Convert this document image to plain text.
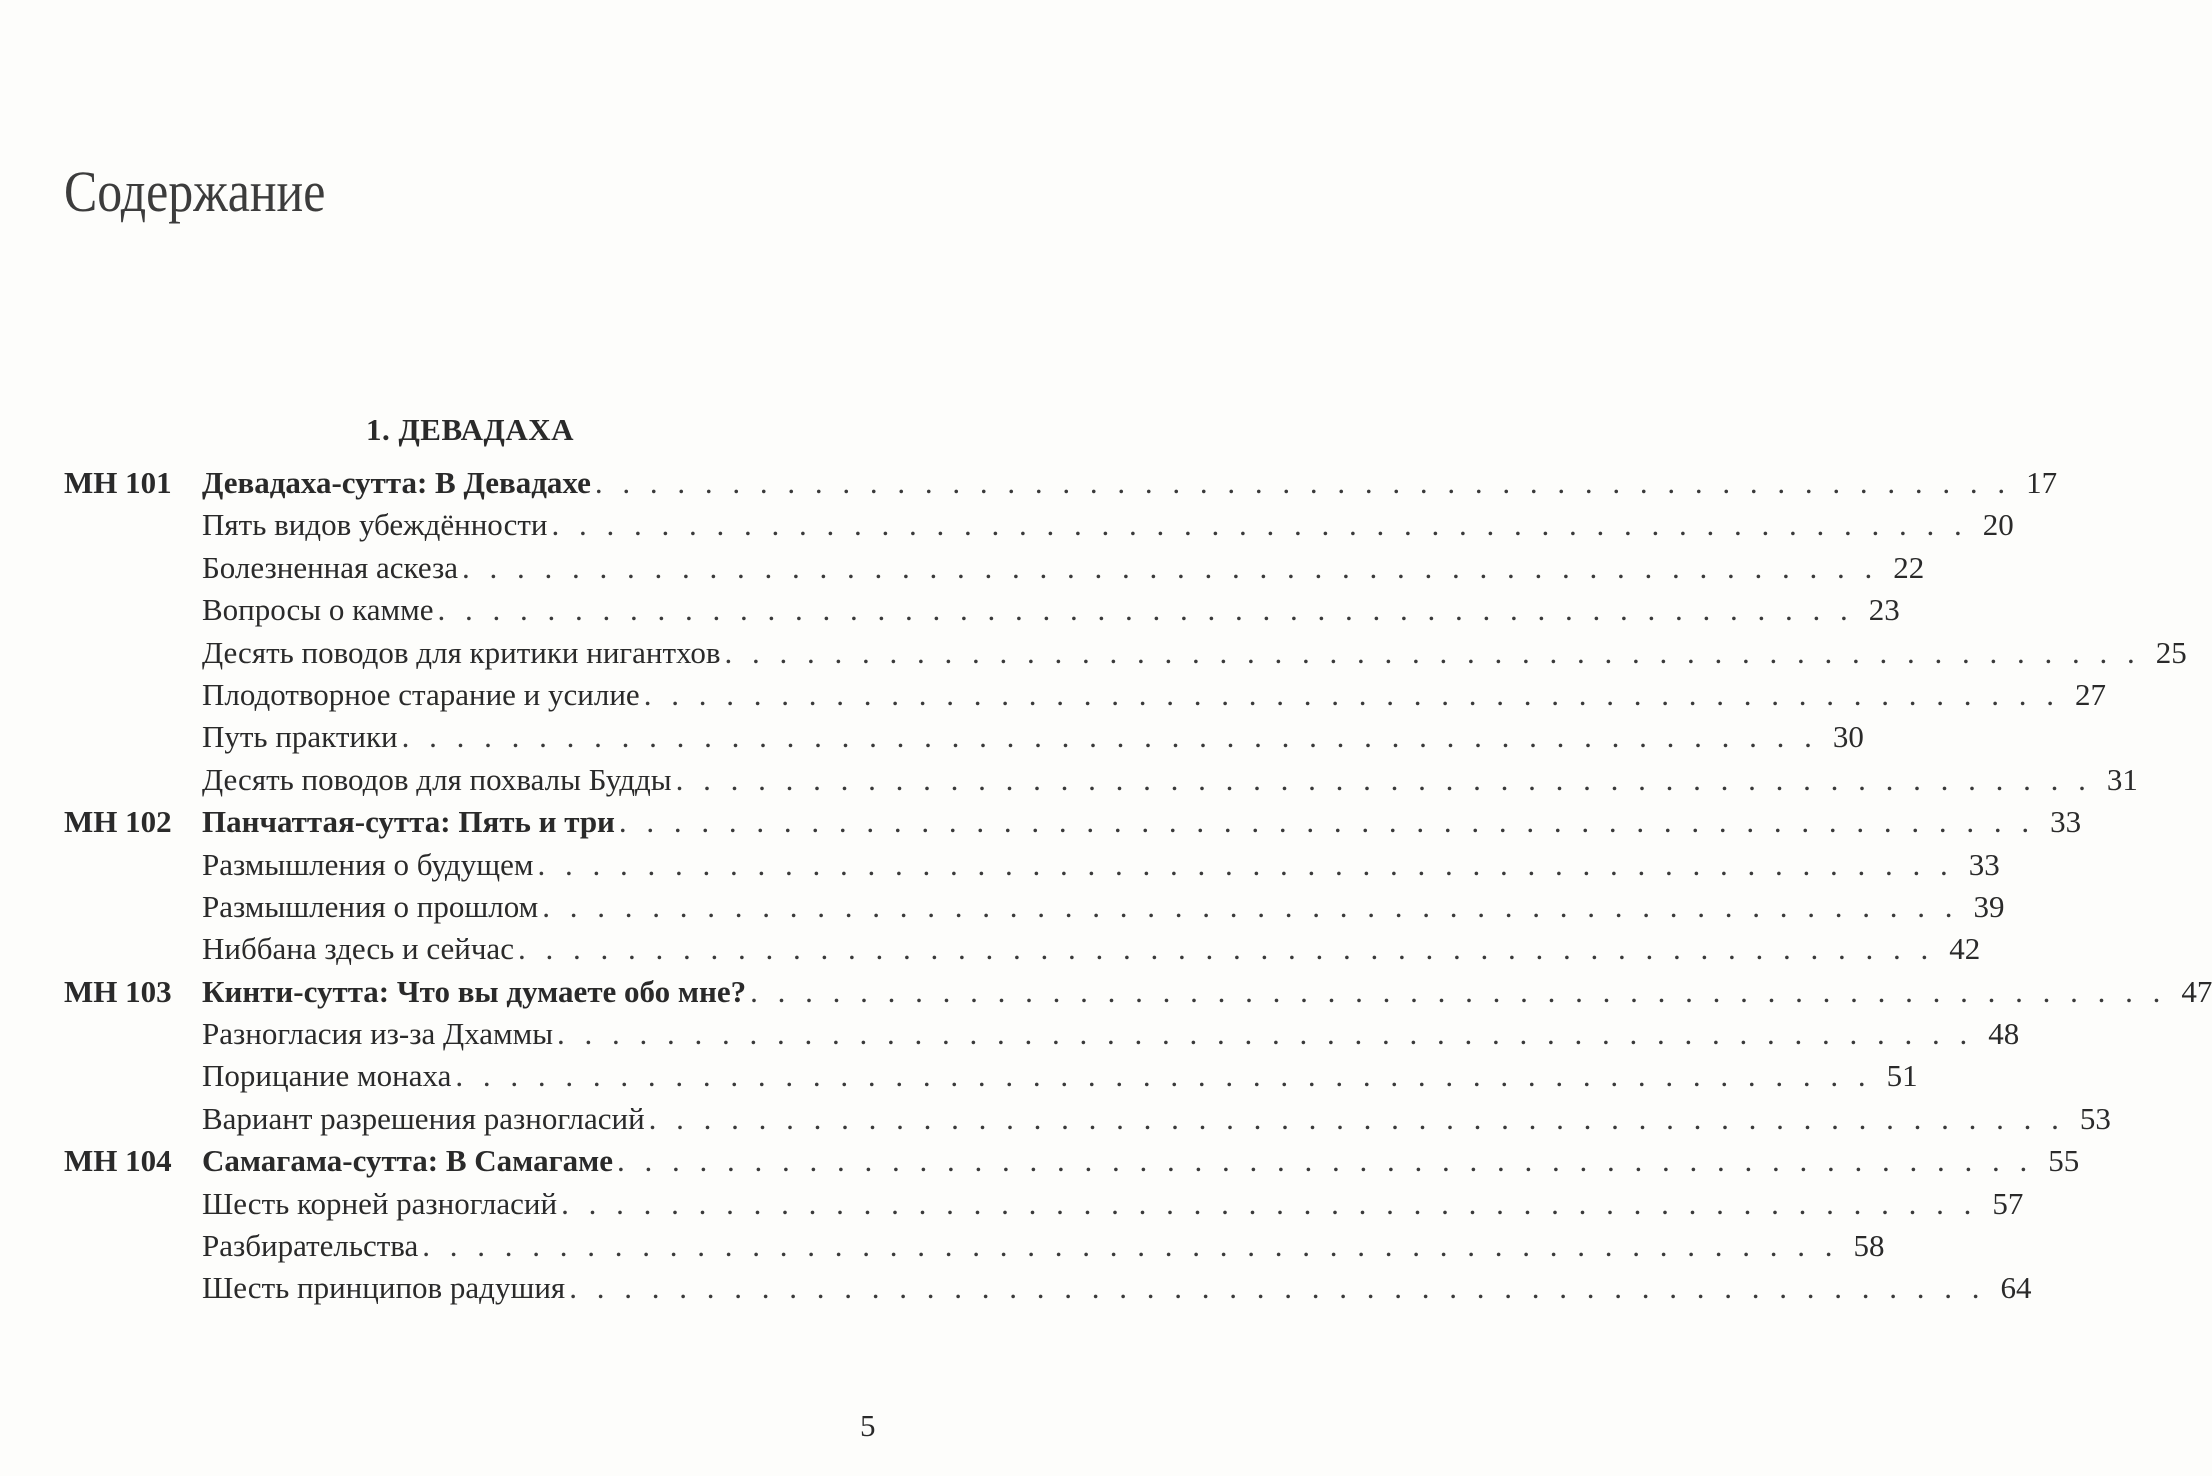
Содержание
1. ДЕВАДАХА
МН 101 Девадаха-сутта: В Девадахе . . .	17
Пять видов убеждённости . . .	20
Болезненная аскеза . . .	22
Вопросы о камме . . .	23
Десять поводов для критики нигантхов . . .	25
Плодотворное старание и усилие . . .	27
Путь практики . . .	30
Десять поводов для похвалы Будды . . .	31
МН 102 Панчаттая-сутта: Пять и три . . .	33
Размышления о будущем . . .	33
Размышления о прошлом . . .	39
Ниббана здесь и сейчас . . .	42
МН 103 Кинти-сутта: Что вы думаете обо мне? . . .	47
Разногласия из-за Дхаммы . . .	48
Порицание монаха . . .	51
Вариант разрешения разногласий . . .	53
МН 104 Самагама-сутта: В Самагаме . . .	55
Шесть корней разногласий . . .	57
Разбирательства . . .	58
Шесть принципов радушия . . .	64
5
